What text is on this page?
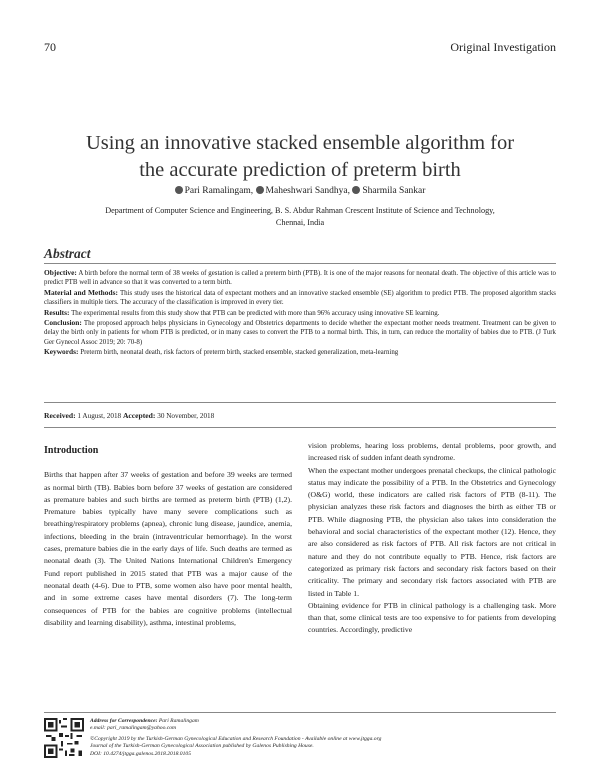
70	Original Investigation
Using an innovative stacked ensemble algorithm for
the accurate prediction of preterm birth
Pari Ramalingam, Maheshwari Sandhya, Sharmila Sankar
Department of Computer Science and Engineering, B. S. Abdur Rahman Crescent Institute of Science and Technology,
Chennai, India
Abstract

Objective: A birth before the normal term of 38 weeks of gestation is called a preterm birth (PTB). It is one of the major reasons for neonatal death. The objective of this article was to predict PTB well in advance so that it was converted to a term birth.

Material and Methods: This study uses the historical data of expectant mothers and an innovative stacked ensemble (SE) algorithm to predict PTB. The proposed algorithm stacks classifiers in multiple tiers. The accuracy of the classification is improved in every tier.

Results: The experimental results from this study show that PTB can be predicted with more than 96% accuracy using innovative SE learning.

Conclusion: The proposed approach helps physicians in Gynecology and Obstetrics departments to decide whether the expectant mother needs treatment. Treatment can be given to delay the birth only in patients for whom PTB is predicted, or in many cases to convert the PTB to a normal birth. This, in turn, can reduce the mortality of babies due to PTB. (J Turk Ger Gynecol Assoc 2019; 20: 70-8)

Keywords: Preterm birth, neonatal death, risk factors of preterm birth, stacked ensemble, stacked generalization, meta-learning

Received: 1 August, 2018 Accepted: 30 November, 2018
Introduction

Births that happen after 37 weeks of gestation and before 39 weeks are termed as normal birth (TB). Babies born before 37 weeks of gestation are considered as premature babies and such births are termed as preterm birth (PTB) (1,2). Premature babies typically have many severe complications such as breathing/respiratory problems (apnea), chronic lung disease, jaundice, anemia, infections, bleeding in the brain (intraventricular hemorrhage). In the worst cases, premature babies die in the early days of life. Such deaths are termed as neonatal death (3). The United Nations International Children's Emergency Fund report published in 2015 stated that PTB was a major cause of the neonatal death (4-6). Due to PTB, some women also have poor mental health, and in some extreme cases have mental disorders (7). The long-term consequences of PTB for the babies are cognitive problems (intellectual disability and learning disability), asthma, intestinal problems,

vision problems, hearing loss problems, dental problems, poor growth, and increased risk of sudden infant death syndrome.

When the expectant mother undergoes prenatal checkups, the clinical pathologic status may indicate the possibility of a PTB. In the Obstetrics and Gynecology (O&G) world, these indicators are called risk factors of PTB (8-11). The physician analyzes these risk factors and diagnoses the birth as either TB or PTB. While diagnosing PTB, the physician also takes into consideration the behavioral and social characteristics of the expectant mother (12). Hence, they are also considered as risk factors of PTB. All risk factors are not critical in nature and they do not contribute equally to PTB. Hence, risk factors are categorized as primary risk factors and secondary risk factors based on their criticality. The primary and secondary risk factors associated with PTB are listed in Table 1.

Obtaining evidence for PTB in clinical pathology is a challenging task. More than that, some clinical tests are too expensive to for patients from developing countries. Accordingly, predictive

Address for Correspondence: Pari Ramalingam

e.mail: pari_ramalingam@yahoo.com

©Copyright 2019 by the Turkish-German Gynecological Education and Research Foundation - Available online at www.jtgga.org

Journal of the Turkish-German Gynecological Association published by Galenos Publishing House.

DOI: 10.4274/jtgga.galenos.2018.2018.0105
